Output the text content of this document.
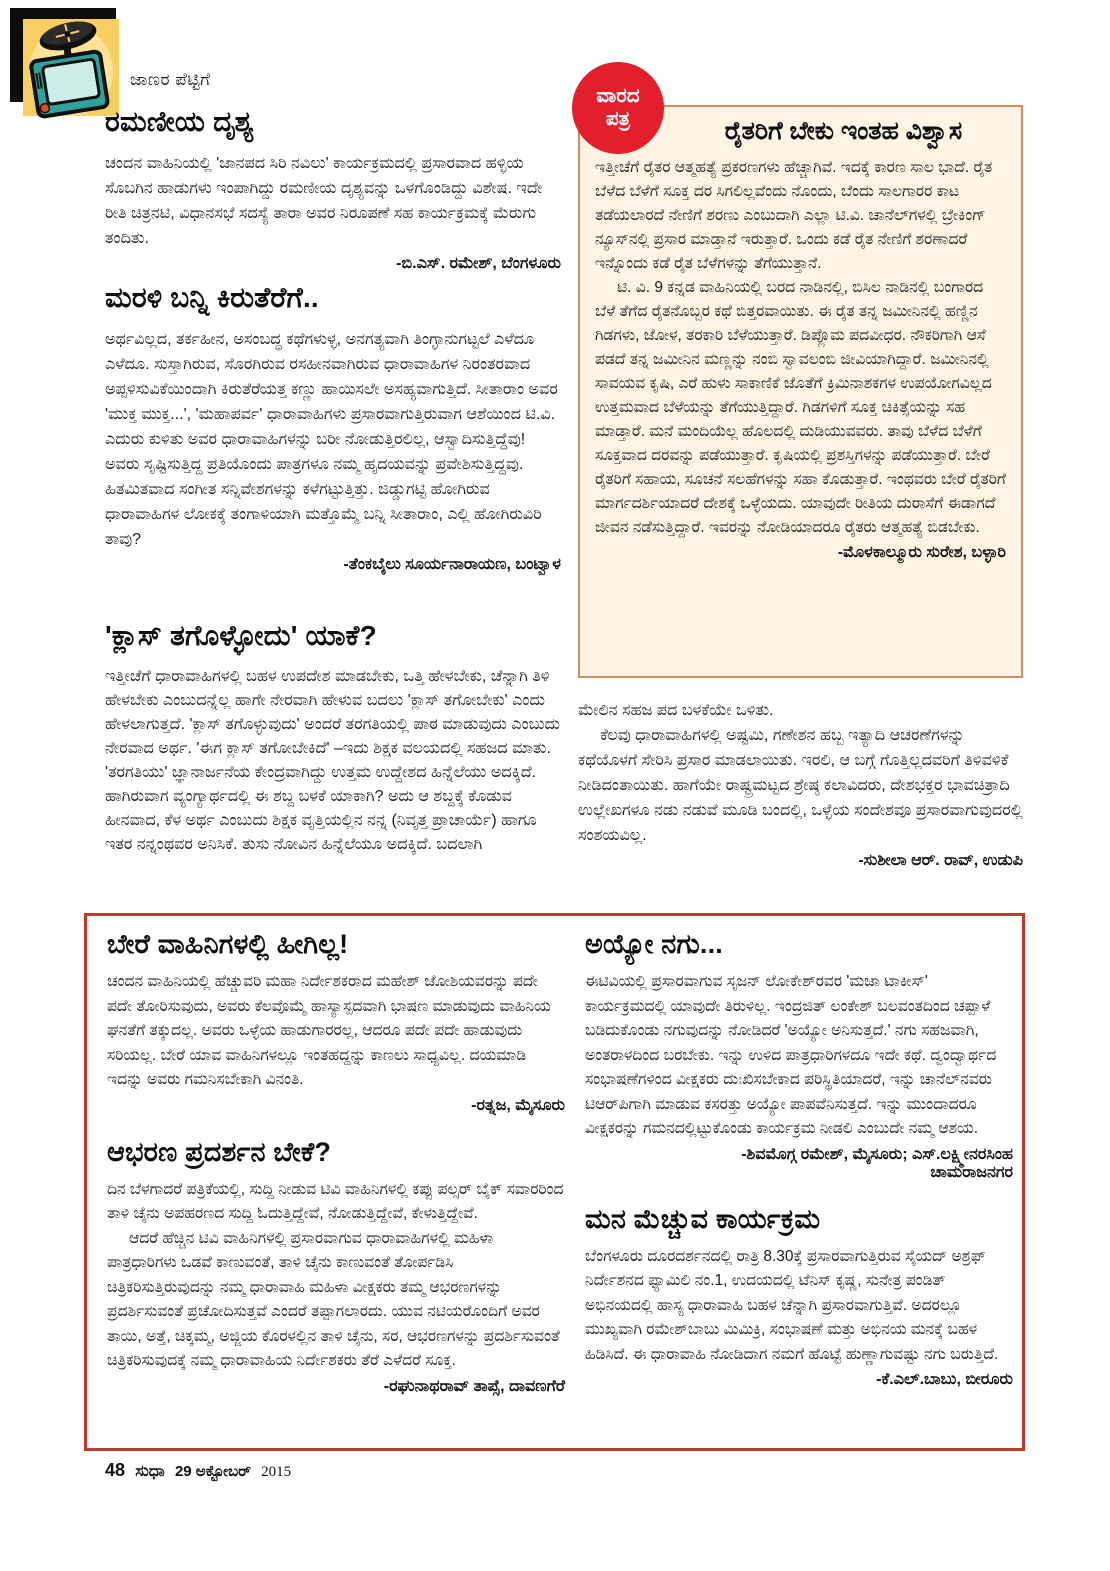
ಜಾಣರ ಪೆಟ್ಟಿಗೆ
ರಮಣೀಯ ದೃಶ್ಯ
ಚಂದನ ವಾಹಿನಿಯಲ್ಲಿ 'ಜಾನಪದ ಸಿರಿ ನವಿಲು' ಕಾರ್ಯಕ್ರಮದಲ್ಲಿ ಪ್ರಸಾರವಾದ ಹಳ್ಳಿಯ ಸೊಬಗಿನ ಹಾಡುಗಳು ಇಂಪಾಗಿದ್ದು ರಮಣೀಯ ದೃಶ್ಯವನ್ನು ಒಳಗೊಂಡಿದ್ದು ವಿಶೇಷ. ಇದೇ ರೀತಿ ಚಿತ್ರನಟಿ, ವಿಧಾನಸಭೆ ಸದಸ್ಯೆ ತಾರಾ ಅವರ ನಿರೂಪಣೆ ಸಹ ಕಾರ್ಯಕ್ರಮಕ್ಕೆ ಮೆರುಗು ತಂದಿತು.
-ಬಿ.ಎಸ್. ರಮೇಶ್, ಬೆಂಗಳೂರು
ಮರಳಿ ಬನ್ನಿ ಕಿರುತೆರೆಗೆ..
ಅರ್ಥವಿಲ್ಲದ, ತರ್ಕಹೀನ, ಅಸಂಬದ್ಧ ಕಥೆಗಳುಳ್ಳ, ಅನಗತ್ಯವಾಗಿ ತಿಂಗ್ಳಾನುಗಟ್ಟಲೆ ಎಳೆದೂ ಎಳೆದೂ. ಸುಸ್ತಾಗಿರುವ, ಸೊರಗಿರುವ ರಸಹೀನವಾಗಿರುವ ಧಾರಾವಾಹಿಗಳ ನಿರಂತರವಾದ ಅಪ್ಪಳಿಸುವಿಕೆಯಿಂದಾಗಿ ಕಿರುತೆರೆಯತ್ತ ಕಣ್ಣು ಹಾಯಿಸಲೇ ಅಸಹ್ಯವಾಗುತ್ತಿದೆ. ಸೀತಾರಾಂ ಅವರ 'ಮುಕ್ತ ಮುಕ್ತ...', 'ಮಹಾಪರ್ವ' ಧಾರಾವಾಹಿಗಳು ಪ್ರಸಾರವಾಗುತ್ತಿರುವಾಗ ಆಶೆಯಿಂದ ಟಿ.ವಿ. ಎದುರು ಕುಳಿತು ಅವರ ಧಾರಾವಾಹಿಗಳನ್ನು ಬರೀ ನೋಡುತ್ತಿರಲಿಲ್ಲ, ಆಸ್ವಾದಿಸುತ್ತಿದ್ದೆವು! ಅವರು ಸೃಷ್ಟಿಸುತ್ತಿದ್ದ ಪ್ರತಿಯೊಂದು ಪಾತ್ರಗಳೂ ನಮ್ಮ ಹೃದಯವನ್ನು ಪ್ರವೇಶಿಸುತ್ತಿದ್ದವು. ಹಿತಮಿತವಾದ ಸಂಗೀತ ಸನ್ನಿವೇಶಗಳನ್ನು ಕಳೆಗಟ್ಟುತ್ತಿತ್ತು. ಜಿಡ್ಡುಗಟ್ಟಿ ಹೋಗಿರುವ ಧಾರಾವಾಹಿಗಳ ಲೋಕಕ್ಕೆ ತಂಗಾಳಿಯಾಗಿ ಮತ್ತೊಮ್ಮೆ ಬನ್ನಿ ಸೀತಾರಾಂ, ಎಲ್ಲಿ ಹೋಗಿರುವಿರಿ ತಾವು?
-ತೆಂಕಬೈಲು ಸೂರ್ಯನಾರಾಯಣ, ಬಂಟ್ವಾಳ
'ಕ್ಲಾಸ್ ತಗೊಳ್ಳೋದು' ಯಾಕೆ?
ಇತ್ತೀಚೆಗೆ ಧಾರಾವಾಹಿಗಳಲ್ಲಿ ಬಹಳ ಉಪದೇಶ ಮಾಡಬೇಕು, ಒತ್ತಿ ಹೇಳಬೇಕು, ಚೆನ್ನಾಗಿ ತಿಳಿ ಹೇಳಬೇಕು ಎಂಬುದನ್ನೆಲ್ಲ ಹಾಗೇ ನೇರವಾಗಿ ಹೇಳುವ ಬದಲು 'ಕ್ಲಾಸ್ ತಗೋಬೇಕು' ಎಂದು ಹೇಳಲಾಗುತ್ತದೆ. 'ಕ್ಲಾಸ್ ತಗೊಳ್ಳುವುದು' ಅಂದರೆ ತರಗತಿಯಲ್ಲಿ ಪಾಠ ಮಾಡುವುದು ಎಂಬುದು ನೇರವಾದ ಅರ್ಥ. 'ಈಗ ಕ್ಲಾಸ್ ತಗೋಬೇಕಿದೆ' –ಇದು ಶಿಕ್ಷಕ ವಲಯದಲ್ಲಿ ಸಹಜದ ಮಾತು. 'ತರಗತಿಯು' ಜ್ಞಾನಾರ್ಜನೆಯ ಕೇಂದ್ರವಾಗಿದ್ದು ಉತ್ತಮ ಉದ್ದೇಶದ ಹಿನ್ನೆಲೆಯು ಅದಕ್ಕಿದೆ. ಹಾಗಿರುವಾಗ ವ್ಯಂಗ್ಯಾರ್ಥದಲ್ಲಿ ಈ ಶಬ್ದ ಬಳಕೆ ಯಾಕಾಗಿ? ಅದು ಆ ಶಬ್ದಕ್ಕೆ ಕೊಡುವ ಹೀನವಾದ, ಕೆಳ ಅರ್ಥ ಎಂಬುದು ಶಿಕ್ಷಕ ವೃತ್ತಿಯಲ್ಲಿನ ನನ್ನ (ನಿವೃತ್ತ ಪ್ರಾಚಾರ್ಯೆ) ಹಾಗೂ ಇತರ ನನ್ನಂಥವರ ಅನಿಸಿಕೆ. ತುಸು ನೋವಿನ ಹಿನ್ನೆಲೆಯೂ ಅದಕ್ಕಿದೆ. ಬದಲಾಗಿ
ವಾರದ
ಪತ್ರ	ರೈತರಿಗೆ ಬೇಕು ಇಂತಹ ವಿಶ್ವಾಸ
ಇತ್ತೀಚೆಗೆ ರೈತರ ಆತ್ಮಹತ್ಯೆ ಪ್ರಕರಣಗಳು ಹೆಚ್ಚಾಗಿವೆ. ಇದಕ್ಕೆ ಕಾರಣ ಸಾಲ ಭಾದೆ. ರೈತ ಬೆಳೆದ ಬೆಳೆಗೆ ಸೂಕ್ತ ದರ ಸಿಗಲಿಲ್ಲವೆಂದು ನೊಂದು, ಬೆಂದು ಸಾಲಗಾರರ ಕಾಟ ತಡೆಯಲಾರದೆ ನೇಣಿಗೆ ಶರಣು ಎಂಬುದಾಗಿ ಎಲ್ಲಾ ಟಿ.ವಿ. ಚಾನೆಲ್‌ಗಳಲ್ಲಿ ಬ್ರೇಕಿಂಗ್ ನ್ಯೂಸ್‌ನಲ್ಲಿ ಪ್ರಸಾರ ಮಾಡ್ತಾನೆ ಇರುತ್ತಾರೆ. ಒಂದು ಕಡೆ ರೈತ ನೇಣಿಗೆ ಶರಣಾದರೆ ಇನ್ನೊಂದು ಕಡೆ ರೈತ ಬೆಳೆಗಳನ್ನು ತೆಗೆಯುತ್ತಾನೆ.
ಟಿ. ವಿ. 9 ಕನ್ನಡ ವಾಹಿನಿಯಲ್ಲಿ ಬರದ ನಾಡಿನಲ್ಲಿ, ಬಿಸಿಲ ನಾಡಿನಲ್ಲಿ ಬಂಗಾರದ ಬೆಳೆ ತೆಗೆದ ರೈತನೊಬ್ಬರ ಕಥೆ ಬಿತ್ತರವಾಯಿತು. ಈ ರೈತ ತನ್ನ ಜಮೀನಿನಲ್ಲಿ ಹಣ್ಣಿನ ಗಿಡಗಳು, ಜೋಳ, ತರಕಾರಿ ಬೆಳೆಯುತ್ತಾರೆ. ಡಿಪ್ಲೊಮ ಪದವೀಧರ. ನೌಕರಿಗಾಗಿ ಆಸೆ ಪಡದೆ ತನ್ನ ಜಮೀನಿನ ಮಣ್ಣನ್ನು ನಂಬಿ ಸ್ವಾವಲಂಬಿ ಜೀವಿಯಾಗಿದ್ದಾರೆ. ಜಮೀನಿನಲ್ಲಿ ಸಾವಯವ ಕೃಷಿ, ಎರೆ ಹುಳು ಸಾಕಾಣಿಕೆ ಜೊತೆಗೆ ಕ್ರಿಮಿನಾಶಕಗಳ ಉಪಯೋಗವಿಲ್ಲದ ಉತ್ತಮವಾದ ಬೆಳೆಯನ್ನು ತೆಗೆಯುತ್ತಿದ್ದಾರೆ. ಗಿಡಗಳಿಗೆ ಸೂಕ್ತ ಚಿಕಿತ್ಸೆಯನ್ನು ಸಹ ಮಾಡ್ತಾರೆ. ಮನೆ ಮಂದಿಯೆಲ್ಲ ಹೊಲದಲ್ಲಿ ದುಡಿಯುವವರು. ತಾವು ಬೆಳೆದ ಬೆಳೆಗೆ ಸೂಕ್ತವಾದ ದರವನ್ನು ಪಡೆಯುತ್ತಾರೆ. ಕೃಷಿಯಲ್ಲಿ ಪ್ರಶಸ್ತಿಗಳನ್ನು ಪಡೆಯುತ್ತಾರೆ. ಬೇರೆ ರೈತರಿಗೆ ಸಹಾಯ, ಸೂಚನೆ ಸಲಹೆಗಳನ್ನು ಸಹಾ ಕೊಡುತ್ತಾರೆ. ಇಂಥವರು ಬೇರೆ ರೈತರಿಗೆ ಮಾರ್ಗದರ್ಶಿಯಾದರೆ ದೇಶಕ್ಕೆ ಒಳ್ಳೆಯದು. ಯಾವುದೇ ರೀತಿಯ ದುರಾಸೆಗೆ ಈಡಾಗದೆ ಜೀವನ ನಡೆಸುತ್ತಿದ್ದಾರೆ. ಇವರನ್ನು ನೋಡಿಯಾದರೂ ರೈತರು ಆತ್ಮಹತ್ಯೆ ಬಿಡಬೇಕು.
-ಮೊಳಕಾಲ್ಮೂರು ಸುರೇಶ, ಬಳ್ಳಾರಿ
ಮೇಲಿನ ಸಹಜ ಪದ ಬಳಕೆಯೇ ಒಳಿತು.
ಕೆಲವು ಧಾರಾವಾಹಿಗಳಲ್ಲಿ ಅಷ್ಟಮಿ, ಗಣೇಶನ ಹಬ್ಬ ಇತ್ಯಾದಿ ಆಚರಣೆಗಳನ್ನು ಕಥೆಯೊಳಗೆ ಸೇರಿಸಿ ಪ್ರಸಾರ ಮಾಡಲಾಯಿತು. ಇರಲಿ, ಆ ಬಗ್ಗೆ ಗೊತ್ತಿಲ್ಲದವರಿಗೆ ತಿಳಿವಳಿಕೆ ನೀಡಿದಂತಾಯಿತು. ಹಾಗೆಯೇ ರಾಷ್ಟ್ರಮಟ್ಟದ ಶ್ರೇಷ್ಠ ಕಲಾವಿದರು, ದೇಶಭಕ್ತರ ಭಾವಚಿತ್ರಾದಿ ಉಲ್ಲೇಖಗಳೂ ನಡು ನಡುವೆ ಮೂಡಿ ಬಂದಲ್ಲಿ, ಒಳ್ಳೆಯ ಸಂದೇಶವೂ ಪ್ರಸಾರವಾಗುವುದರಲ್ಲಿ ಸಂಶಯವಿಲ್ಲ.
-ಸುಶೀಲಾ ಆರ್. ರಾವ್, ಉಡುಪಿ
ಬೇರೆ ವಾಹಿನಿಗಳಲ್ಲಿ ಹೀಗಿಲ್ಲ!
ಚಂದನ ವಾಹಿನಿಯಲ್ಲಿ ಹೆಚ್ಚುವರಿ ಮಹಾ ನಿರ್ದೇಶಕರಾದ ಮಹೇಶ್ ಜೋಶಿಯವರನ್ನು ಪದೇ ಪದೇ ತೋರಿಸುವುದು, ಅವರು ಕೆಲವೊಮ್ಮೆ ಹಾಸ್ಯಾಸ್ಪದವಾಗಿ ಭಾಷಣ ಮಾಡುವುದು ವಾಹಿನಿಯ ಘನತೆಗೆ ತಕ್ಕುದಲ್ಲ. ಅವರು ಒಳ್ಳೆಯ ಹಾಡುಗಾರರಲ್ಲ, ಆದರೂ ಪದೇ ಪದೇ ಹಾಡುವುದು ಸರಿಯಲ್ಲ. ಬೇರೆ ಯಾವ ವಾಹಿನಿಗಳಲ್ಲೂ ಇಂತಹದ್ದನ್ನು ಕಾಣಲು ಸಾಧ್ಯವಿಲ್ಲ. ದಯಮಾಡಿ ಇದನ್ನು ಅವರು ಗಮನಿಸಬೇಕಾಗಿ ವಿನಂತಿ.
-ರತ್ನಜ, ಮೈಸೂರು
ಆಭರಣ ಪ್ರದರ್ಶನ ಬೇಕೆ?
ದಿನ ಬೆಳಗಾದರೆ ಪತ್ರಿಕೆಯಲ್ಲಿ, ಸುದ್ದಿ ನೀಡುವ ಟಿವಿ ವಾಹಿನಿಗಳಲ್ಲಿ ಕಪ್ಪು ಪಲ್ಸರ್ ಬೈಕ್ ಸವಾರರಿಂದ ತಾಳಿ ಚೈನು ಅಪಹರಣದ ಸುದ್ದಿ ಓದುತ್ತಿದ್ದೇವೆ, ನೋಡುತ್ತಿದ್ದೇವೆ, ಕೇಳುತ್ತಿದ್ದೇವೆ.
ಆದರೆ ಹೆಚ್ಚಿನ ಟಿವಿ ವಾಹಿನಿಗಳಲ್ಲಿ ಪ್ರಸಾರವಾಗುವ ಧಾರಾವಾಹಿಗಳಲ್ಲಿ ಮಹಿಳಾ ಪಾತ್ರಧಾರಿಗಳು ಒಡವೆ ಕಾಣುವಂತೆ, ತಾಳಿ ಚೈನು ಕಾಣುವಂತೆ ತೋರ್ಪಡಿಸಿ ಚಿತ್ರಿಕರಿಸುತ್ತಿರುವುದನ್ನು ನಮ್ಮ ಧಾರಾವಾಹಿ ಮಹಿಳಾ ವೀಕ್ಷಕರು ತಮ್ಮ ಆಭರಣಗಳನ್ನು ಪ್ರದರ್ಶಿಸುವಂತೆ ಪ್ರಚೋದಿಸುತ್ತವೆ ಎಂದರೆ ತಪ್ಪಾಗಲಾರದು. ಯುವ ನಟಿಯರೊಂದಿಗೆ ಅವರ ತಾಯಿ, ಅತ್ತೆ, ಚಿಕ್ಕಮ್ಮ, ಅಜ್ಜಿಯ ಕೊರಳಲ್ಲಿನ ತಾಳಿ ಚೈನು, ಸರ, ಆಭರಣಗಳನ್ನು ಪ್ರದರ್ಶಿಸುವಂತೆ ಚಿತ್ರಿಕರಿಸುವುದಕ್ಕೆ ನಮ್ಮ ಧಾರಾವಾಹಿಯ ನಿರ್ದೇಶಕರು ತೆರೆ ಎಳೆದರೆ ಸೂಕ್ತ.
-ರಘುನಾಥರಾವ್ ತಾಪ್ಸೆ, ದಾವಣಗೆರೆ
ಅಯ್ಯೋ ನಗು...
ಈಟಿವಿಯಲ್ಲಿ ಪ್ರಸಾರವಾಗುವ ಸೃಜನ್ ಲೋಕೇಶ್‌ರವರ 'ಮಜಾ ಟಾಕೀಸ್' ಕಾರ್ಯಕ್ರಮದಲ್ಲಿ ಯಾವುದೇ ತಿರುಳಿಲ್ಲ. ಇಂದ್ರಜಿತ್ ಲಂಕೇಶ್ ಬಲವಂತದಿಂದ ಚಪ್ಪಾಳೆ ಬಡಿದುಕೊಂಡು ನಗುವುದನ್ನು ನೋಡಿದರೆ 'ಅಯ್ಯೋ ಅನಿಸುತ್ತದೆ.' ನಗು ಸಹಜವಾಗಿ, ಅಂತರಾಳದಿಂದ ಬರಬೇಕು. ಇನ್ನು ಉಳಿದ ಪಾತ್ರಧಾರಿಗಳದೂ ಇದೇ ಕಥೆ. ದ್ವಂದ್ವಾರ್ಥದ ಸಂಭಾಷಣೆಗಳಿಂದ ವೀಕ್ಷಕರು ದುಃಖಿಸಬೇಕಾದ ಪರಿಸ್ಥಿತಿಯಾದರೆ, ಇನ್ನು ಚಾನೆಲ್‌ನವರು ಟಿಆರ್‌ಪಿಗಾಗಿ ಮಾಡುವ ಕಸರತ್ತು ಅಯ್ಯೋ ಪಾಪವೆನಿಸುತ್ತದೆ. ಇನ್ನು ಮುಂದಾದರೂ ವೀಕ್ಷಕರನ್ನು ಗಮನದಲ್ಲಿಟ್ಟುಕೊಂಡು ಕಾರ್ಯಕ್ರಮ ನೀಡಲಿ ಎಂಬುದೇ ನಮ್ಮ ಆಶಯ.
-ಶಿವಮೊಗ್ಗ ರಮೇಶ್, ಮೈಸೂರು; ಎಸ್.ಲಕ್ಷ್ಮೀನರಸಿಂಹ
ಚಾಮರಾಜನಗರ
ಮನ ಮೆಚ್ಚುವ ಕಾರ್ಯಕ್ರಮ
ಬೆಂಗಳೂರು ದೂರದರ್ಶನದಲ್ಲಿ ರಾತ್ರಿ 8.30ಕ್ಕೆ ಪ್ರಸಾರವಾಗುತ್ತಿರುವ ಸೈಯದ್ ಅಶ್ರಫ್ ನಿರ್ದೇಶನದ ಫ್ಯಾಮಿಲಿ ನಂ.1, ಉದಯದಲ್ಲಿ ಟೆನಿಸ್ ಕೃಷ್ಣ, ಸುನೇತ್ರ ಪಂಡಿತ್ ಅಭಿನಯದಲ್ಲಿ ಹಾಸ್ಯ ಧಾರಾವಾಹಿ ಬಹಳ ಚೆನ್ನಾಗಿ ಪ್ರಸಾರವಾಗುತ್ತಿವೆ. ಅದರಲ್ಲೂ ಮುಖ್ಯವಾಗಿ ರಮೇಶ್‌ಬಾಬು ಮಿಮಿಕ್ರಿ, ಸಂಭಾಷಣೆ ಮತ್ತು ಅಭಿನಯ ಮನಕ್ಕೆ ಬಹಳ ಹಿಡಿಸಿದೆ. ಈ ಧಾರಾವಾಹಿ ನೋಡಿದಾಗ ನಮಗೆ ಹೊಟ್ಟೆ ಹುಣ್ಣಾಗುವಷ್ಟು ನಗು ಬರುತ್ತಿದೆ.
-ಕೆ.ಎಲ್.ಬಾಬು, ಬೀರೂರು
48 ಸುಧಾ 29 ಅಕ್ಟೋಬರ್ 2015
